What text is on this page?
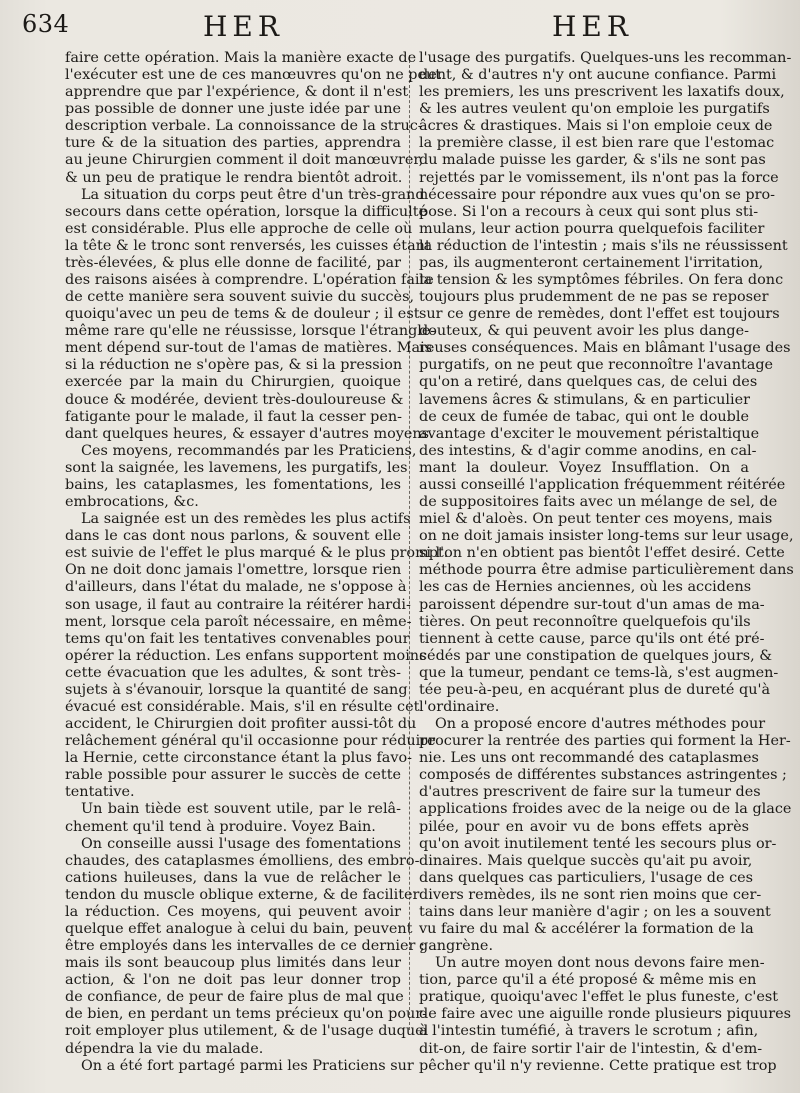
634	HER	HER
faire cette opération. Mais la manière exacte de
l'exécuter est une de ces manœuvres qu'on ne peut
apprendre que par l'expérience, & dont il n'est
pas possible de donner une juste idée par une
description verbale. La connoissance de la struc-
ture & de la situation des parties, apprendra
au jeune Chirurgien comment il doit manœuvrer,
& un peu de pratique le rendra bientôt adroit.
La situation du corps peut être d'un très-grand
secours dans cette opération, lorsque la difficulté
est considérable. Plus elle approche de celle où
la tête & le tronc sont renversés, les cuisses étant
très-élevées, & plus elle donne de facilité, par
des raisons aisées à comprendre. L'opération faite
de cette manière sera souvent suivie du succès,
quoiqu'avec un peu de tems & de douleur ; il est
même rare qu'elle ne réussisse, lorsque l'étrangle-
ment dépend sur-tout de l'amas de matières. Mais
si la réduction ne s'opère pas, & si la pression
exercée par la main du Chirurgien, quoique
douce & modérée, devient très-douloureuse &
fatigante pour le malade, il faut la cesser pen-
dant quelques heures, & essayer d'autres moyens.
Ces moyens, recommandés par les Praticiens,
sont la saignée, les lavemens, les purgatifs, les
bains, les cataplasmes, les fomentations, les
embrocations, &c.
La saignée est un des remèdes les plus actifs
dans le cas dont nous parlons, & souvent elle
est suivie de l'effet le plus marqué & le plus prompt.
On ne doit donc jamais l'omettre, lorsque rien
d'ailleurs, dans l'état du malade, ne s'oppose à
son usage, il faut au contraire la réitérer hardi-
ment, lorsque cela paroît nécessaire, en même-
tems qu'on fait les tentatives convenables pour
opérer la réduction. Les enfans supportent moins
cette évacuation que les adultes, & sont très-
sujets à s'évanouir, lorsque la quantité de sang
évacué est considérable. Mais, s'il en résulte cet
accident, le Chirurgien doit profiter aussi-tôt du
relâchement général qu'il occasionne pour réduire
la Hernie, cette circonstance étant la plus favo-
rable possible pour assurer le succès de cette
tentative.
Un bain tiède est souvent utile, par le relâ-
chement qu'il tend à produire. Voyez Bain.
On conseille aussi l'usage des fomentations
chaudes, des cataplasmes émolliens, des embro-
cations huileuses, dans la vue de relâcher le
tendon du muscle oblique externe, & de faciliter
la réduction. Ces moyens, qui peuvent avoir
quelque effet analogue à celui du bain, peuvent
être employés dans les intervalles de ce dernier ;
mais ils sont beaucoup plus limités dans leur
action, & l'on ne doit pas leur donner trop
de confiance, de peur de faire plus de mal que
de bien, en perdant un tems précieux qu'on pour-
roit employer plus utilement, & de l'usage duquel
dépendra la vie du malade.
On a été fort partagé parmi les Praticiens sur
l'usage des purgatifs. Quelques-uns les recomman-
dent, & d'autres n'y ont aucune confiance. Parmi
les premiers, les uns prescrivent les laxatifs doux,
& les autres veulent qu'on emploie les purgatifs
âcres & drastiques. Mais si l'on emploie ceux de
la première classe, il est bien rare que l'estomac
du malade puisse les garder, & s'ils ne sont pas
rejettés par le vomissement, ils n'ont pas la force
nécessaire pour répondre aux vues qu'on se pro-
pose. Si l'on a recours à ceux qui sont plus sti-
mulans, leur action pourra quelquefois faciliter
la réduction de l'intestin ; mais s'ils ne réussissent
pas, ils augmenteront certainement l'irritation,
la tension & les symptômes fébriles. On fera donc
toujours plus prudemment de ne pas se reposer
sur ce genre de remèdes, dont l'effet est toujours
douteux, & qui peuvent avoir les plus dange-
reuses conséquences. Mais en blâmant l'usage des
purgatifs, on ne peut que reconnoître l'avantage
qu'on a retiré, dans quelques cas, de celui des
lavemens âcres & stimulans, & en particulier
de ceux de fumée de tabac, qui ont le double
avantage d'exciter le mouvement péristaltique
des intestins, & d'agir comme anodins, en cal-
mant la douleur. Voyez Insufflation. On a
aussi conseillé l'application fréquemment réitérée
de suppositoires faits avec un mélange de sel, de
miel & d'aloès. On peut tenter ces moyens, mais
on ne doit jamais insister long-tems sur leur usage,
si l'on n'en obtient pas bientôt l'effet desiré. Cette
méthode pourra être admise particulièrement dans
les cas de Hernies anciennes, où les accidens
paroissent dépendre sur-tout d'un amas de ma-
tières. On peut reconnoître quelquefois qu'ils
tiennent à cette cause, parce qu'ils ont été pré-
cédés par une constipation de quelques jours, &
que la tumeur, pendant ce tems-là, s'est augmen-
tée peu-à-peu, en acquérant plus de dureté qu'à
l'ordinaire.
On a proposé encore d'autres méthodes pour
procurer la rentrée des parties qui forment la Her-
nie. Les uns ont recommandé des cataplasmes
composés de différentes substances astringentes ;
d'autres prescrivent de faire sur la tumeur des
applications froides avec de la neige ou de la glace
pilée, pour en avoir vu de bons effets après
qu'on avoit inutilement tenté les secours plus or-
dinaires. Mais quelque succès qu'ait pu avoir,
dans quelques cas particuliers, l'usage de ces
divers remèdes, ils ne sont rien moins que cer-
tains dans leur manière d'agir ; on les a souvent
vu faire du mal & accélérer la formation de la
gangrène.
Un autre moyen dont nous devons faire men-
tion, parce qu'il a été proposé & même mis en
pratique, quoiqu'avec l'effet le plus funeste, c'est
de faire avec une aiguille ronde plusieurs piquures
à l'intestin tuméfié, à travers le scrotum ; afin,
dit-on, de faire sortir l'air de l'intestin, & d'em-
pêcher qu'il n'y revienne. Cette pratique est trop
